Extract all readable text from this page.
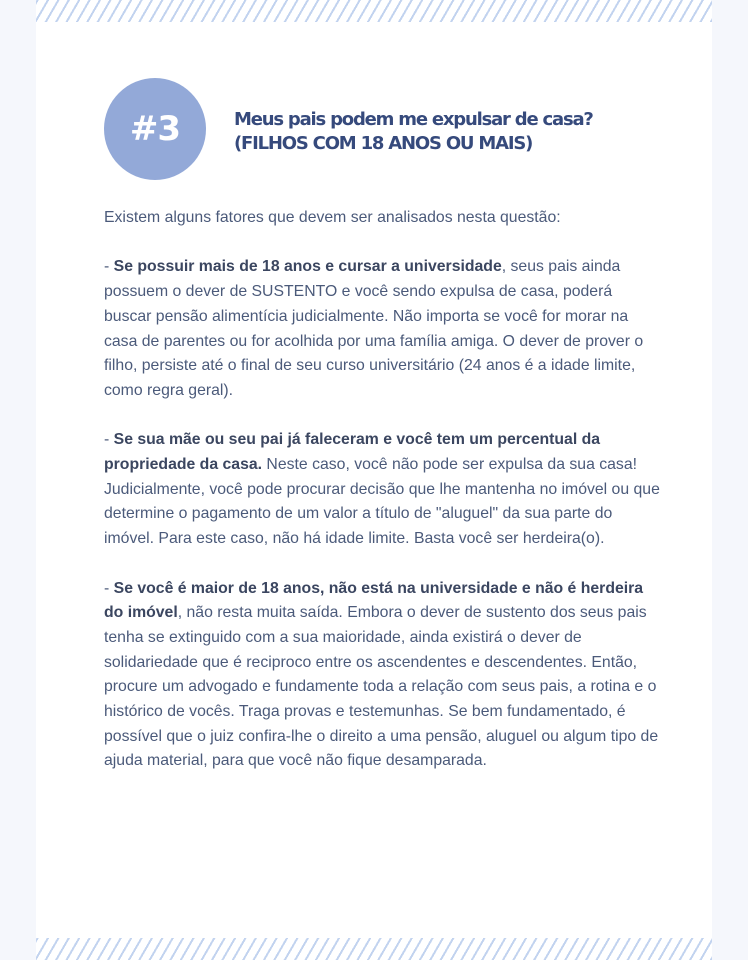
#3	Meus pais podem me expulsar de casa?
(FILHOS COM 18 ANOS OU MAIS)

Existem alguns fatores que devem ser analisados nesta questão:

- Se possuir mais de 18 anos e cursar a universidade, seus pais ainda possuem o dever de SUSTENTO e você sendo expulsa de casa, poderá buscar pensão alimentícia judicialmente. Não importa se você for morar na casa de parentes ou for acolhida por uma família amiga. O dever de prover o filho, persiste até o final de seu curso universitário (24 anos é a idade limite, como regra geral).

- Se sua mãe ou seu pai já faleceram e você tem um percentual da propriedade da casa. Neste caso, você não pode ser expulsa da sua casa! Judicialmente, você pode procurar decisão que lhe mantenha no imóvel ou que determine o pagamento de um valor a título de "aluguel" da sua parte do imóvel. Para este caso, não há idade limite. Basta você ser herdeira(o).

- Se você é maior de 18 anos, não está na universidade e não é herdeira do imóvel, não resta muita saída. Embora o dever de sustento dos seus pais tenha se extinguido com a sua maioridade, ainda existirá o dever de solidariedade que é reciproco entre os ascendentes e descendentes. Então, procure um advogado e fundamente toda a relação com seus pais, a rotina e o histórico de vocês. Traga provas e testemunhas. Se bem fundamentado, é possível que o juiz confira-lhe o direito a uma pensão, aluguel ou algum tipo de ajuda material, para que você não fique desamparada.
